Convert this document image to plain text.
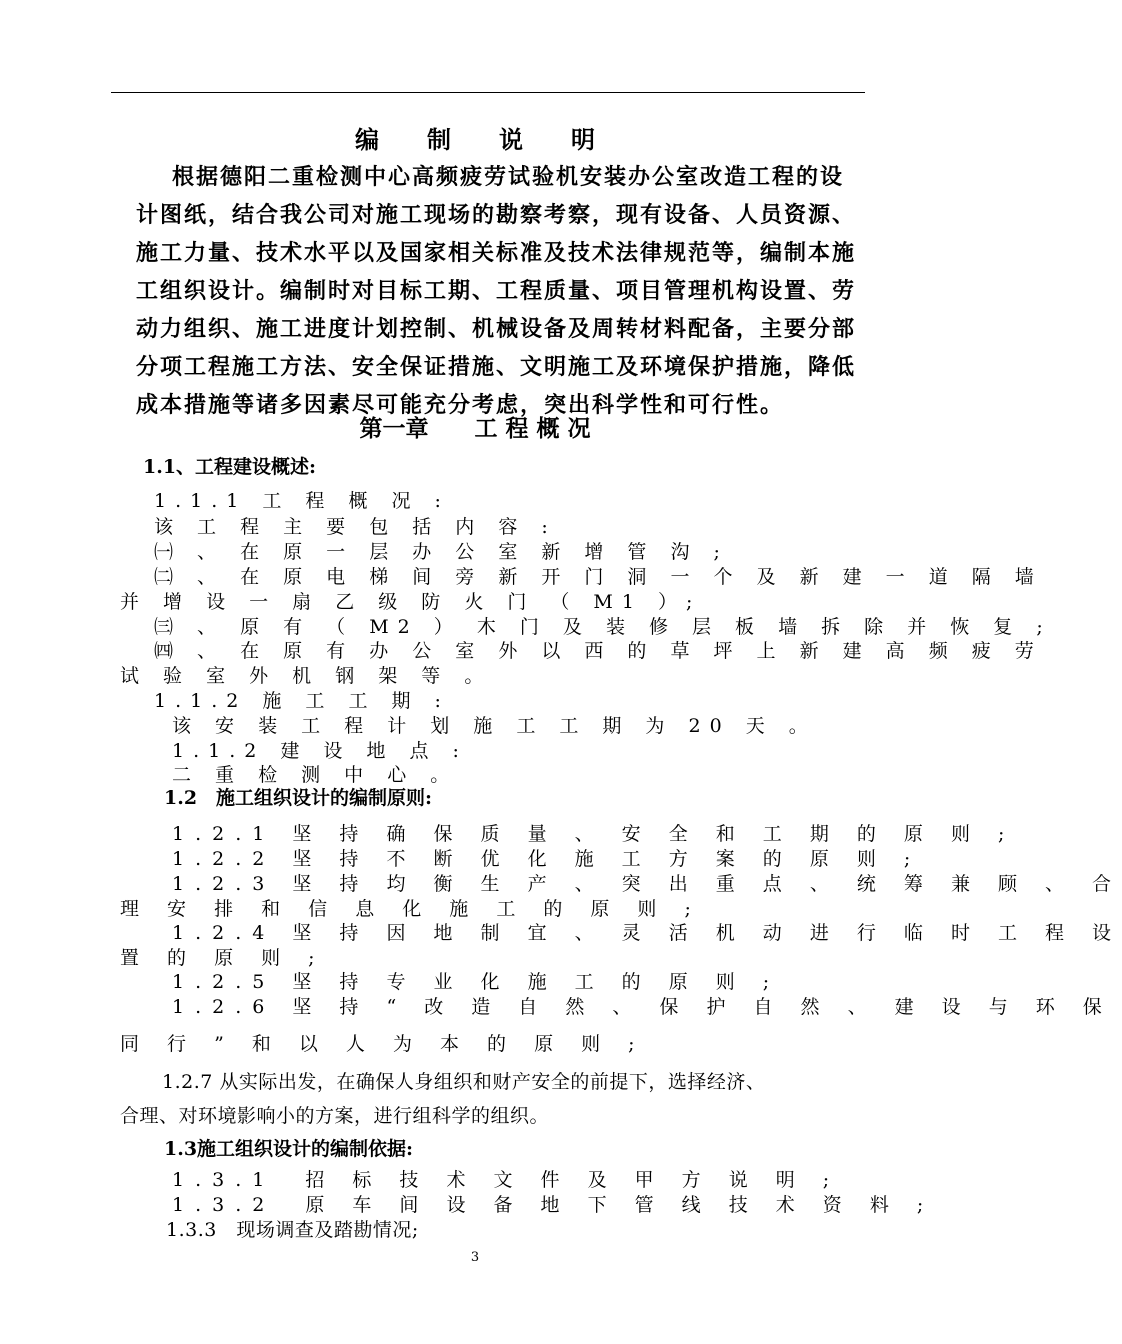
编　　制　　说　　明
根据德阳二重检测中心高频疲劳试验机安装办公室改造工程的设
计图纸，结合我公司对施工现场的勘察考察，现有设备、人员资源、
施工力量、技术水平以及国家相关标准及技术法律规范等，编制本施
工组织设计。编制时对目标工期、工程质量、项目管理机构设置、劳
动力组织、施工进度计划控制、机械设备及周转材料配备，主要分部
分项工程施工方法、安全保证措施、文明施工及环境保护措施，降低
成本措施等诸多因素尽可能充分考虑，突出科学性和可行性。
第一章　　工 程 概 况
1.1、工程建设概述:
1.1.1 工 程 概 况 :
该 工 程 主 要 包 括 内 容 :
㈠ 、 在 原 一 层 办 公 室 新 增 管 沟 ;
㈡ 、 在 原 电 梯 间 旁 新 开 门 洞 一 个 及 新 建 一 道 隔 墙
并 增 设 一 扇 乙 级 防 火 门 （ M1 ）;
㈢ 、 原 有 （ M2 ） 木 门 及 装 修 层 板 墙 拆 除 并 恢 复 ;
㈣ 、 在 原 有 办 公 室 外 以 西 的 草 坪 上 新 建 高 频 疲 劳
试 验 室 外 机 钢 架 等 。
1.1.2 施 工 工 期 :
该 安 装 工 程 计 划 施 工 工 期 为 20 天 。
1.1.2 建 设 地 点 :
二 重 检 测 中 心 。
1.2　施工组织设计的编制原则:
1.2.1 坚 持 确 保 质 量 、 安 全 和 工 期 的 原 则 ;
1.2.2 坚 持 不 断 优 化 施 工 方 案 的 原 则 ;
1.2.3 坚 持 均 衡 生 产 、 突 出 重 点 、 统 筹 兼 顾 、 合
理 安 排 和 信 息 化 施 工 的 原 则 ;
1.2.4 坚 持 因 地 制 宜 、 灵 活 机 动 进 行 临 时 工 程 设
置 的 原 则 ;
1.2.5 坚 持 专 业 化 施 工 的 原 则 ;
1.2.6 坚 持 “ 改 造 自 然 、 保 护 自 然 、 建 设 与 环 保
同 行 ” 和 以 人 为 本 的 原 则 ;
1.2.7 从实际出发，在确保人身组织和财产安全的前提下，选择经济、
合理、对环境影响小的方案，进行组科学的组织。
1.3施工组织设计的编制依据:
1.3.1　招 标 技 术 文 件 及 甲 方 说 明 ;
1.3.2　原 车 间 设 备 地 下 管 线 技 术 资 料 ;
1.3.3　现场调查及踏勘情况;
3
